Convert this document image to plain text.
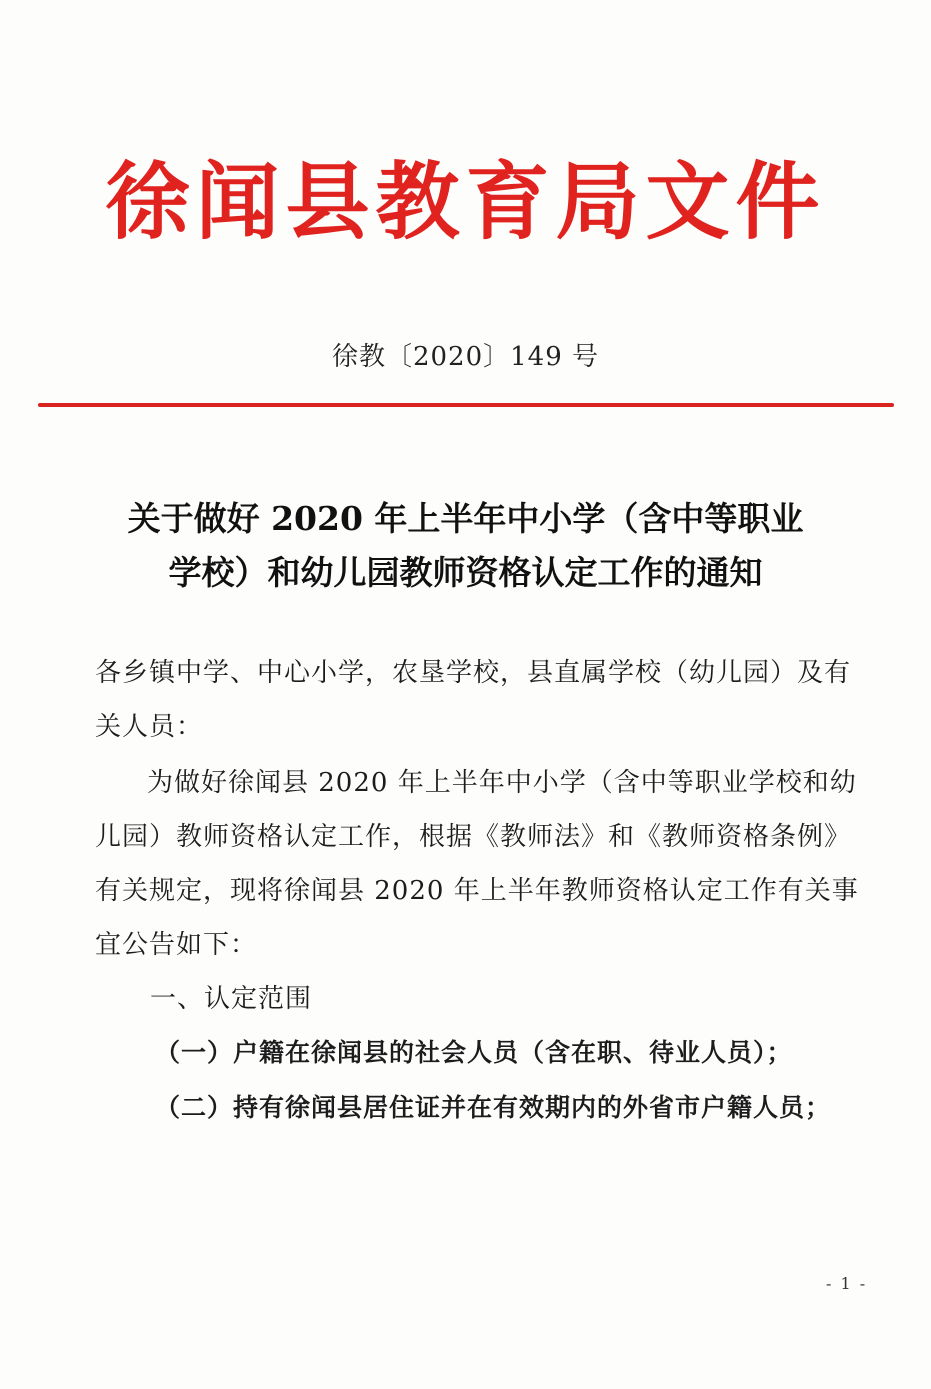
徐闻县教育局文件
徐教〔2020〕149 号
关于做好 2020 年上半年中小学（含中等职业
学校）和幼儿园教师资格认定工作的通知
各乡镇中学、中心小学，农垦学校，县直属学校（幼儿园）及有关人员：
为做好徐闻县 2020 年上半年中小学（含中等职业学校和幼儿园）教师资格认定工作，根据《教师法》和《教师资格条例》有关规定，现将徐闻县 2020 年上半年教师资格认定工作有关事宜公告如下：
一、认定范围
（一）户籍在徐闻县的社会人员（含在职、待业人员）；
（二）持有徐闻县居住证并在有效期内的外省市户籍人员；
- 1 -
